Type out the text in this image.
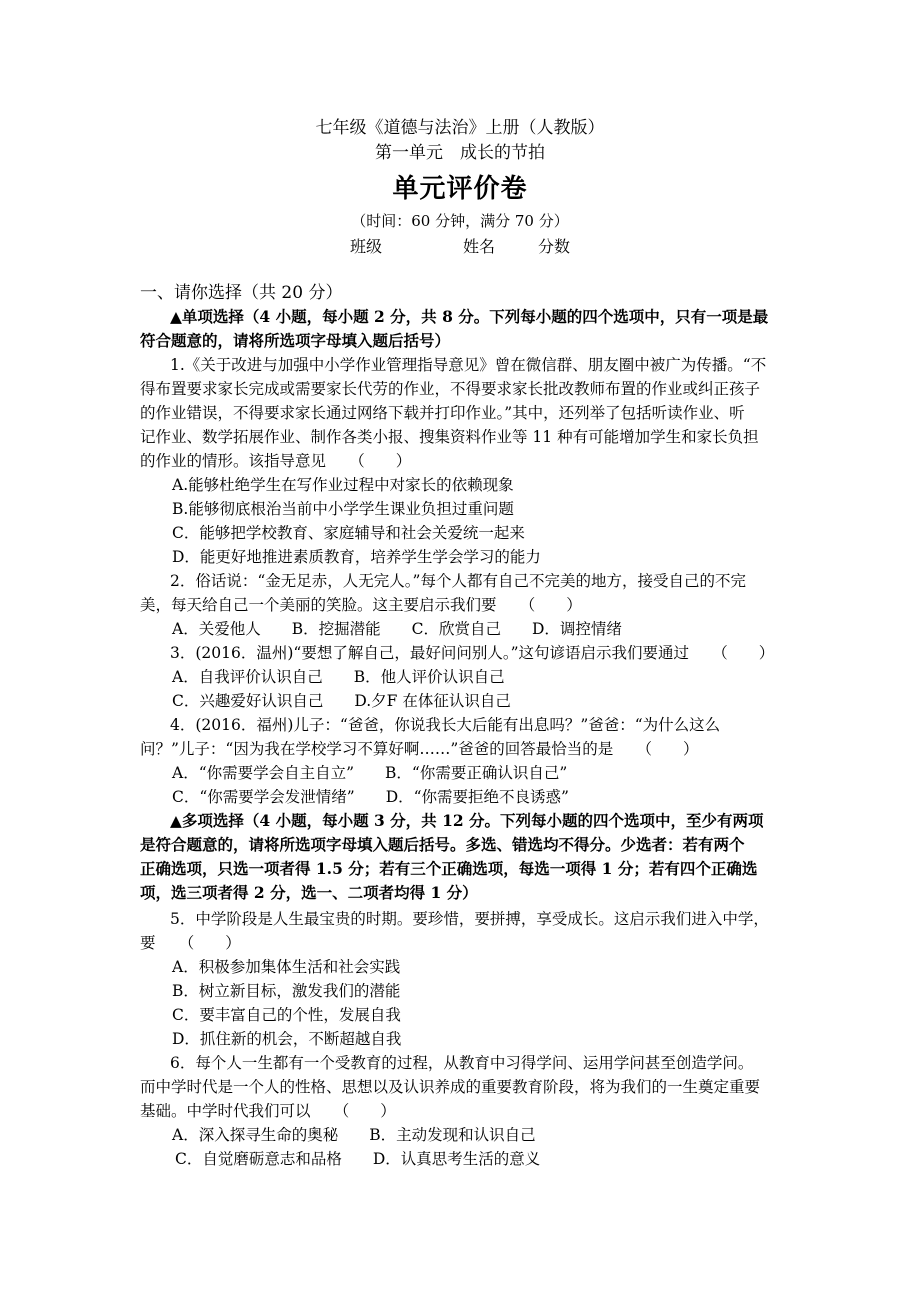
七年级《道德与法治》上册（人教版）
第一单元　成长的节拍
单元评价卷
（时间：60 分钟，满分 70 分）
班级	姓名	分数
一、请你选择（共 20 分）
▲单项选择（4 小题，每小题 2 分，共 8 分。下列每小题的四个选项中，只有一项是最
符合题意的，请将所选项字母填入题后括号）
1.《关于改进与加强中小学作业管理指导意见》曾在微信群、朋友圈中被广为传播。“不
得布置要求家长完成或需要家长代劳的作业，不得要求家长批改教师布置的作业或纠正孩子
的作业错误，不得要求家长通过网络下载并打印作业。”其中，还列举了包括听读作业、听
记作业、数学拓展作业、制作各类小报、搜集资料作业等 11 种有可能增加学生和家长负担
的作业的情形。该指导意见　　（　　）
A.能够杜绝学生在写作业过程中对家长的依赖现象
B.能够彻底根治当前中小学学生课业负担过重问题
C．能够把学校教育、家庭辅导和社会关爱统一起来
D．能更好地推进素质教育，培养学生学会学习的能力
2．俗话说：“金无足赤，人无完人。”每个人都有自己不完美的地方，接受自己的不完
美，每天给自己一个美丽的笑脸。这主要启示我们要　　（　　）
A．关爱他人　　B．挖掘潜能　　C．欣赏自己　　D．调控情绪
3．(2016．温州)“要想了解自己，最好问问别人。”这句谚语启示我们要通过　　（　　）
A．自我评价认识自己　　B．他人评价认识自己
C．兴趣爱好认识自己　　D.夕F 在体征认识自己
4．(2016．福州)儿子：“爸爸，你说我长大后能有出息吗？”爸爸：“为什么这么
问？”儿子：“因为我在学校学习不算好啊……”爸爸的回答最恰当的是　　（　　）
A．“你需要学会自主自立”　　B．“你需要正确认识自己”
C．“你需要学会发泄情绪”　　D．“你需要拒绝不良诱惑”
▲多项选择（4 小题，每小题 3 分，共 12 分。下列每小题的四个选项中，至少有两项
是符合题意的，请将所选项字母填入题后括号。多选、错选均不得分。少选者：若有两个
正确选项，只选一项者得 1.5 分；若有三个正确选项，每选一项得 1 分；若有四个正确选
项，选三项者得 2 分，选一、二项者均得 1 分）
5．中学阶段是人生最宝贵的时期。要珍惜，要拼搏，享受成长。这启示我们进入中学，
要　　（　　）
A．积极参加集体生活和社会实践
B．树立新目标，激发我们的潜能
C．要丰富自己的个性，发展自我
D．抓住新的机会，不断超越自我
6．每个人一生都有一个受教育的过程，从教育中习得学问、运用学问甚至创造学问。
而中学时代是一个人的性格、思想以及认识养成的重要教育阶段，将为我们的一生奠定重要
基础。中学时代我们可以　　（　　）
A．深入探寻生命的奥秘　　B．主动发现和认识自己
C．自觉磨砺意志和品格　　D．认真思考生活的意义
